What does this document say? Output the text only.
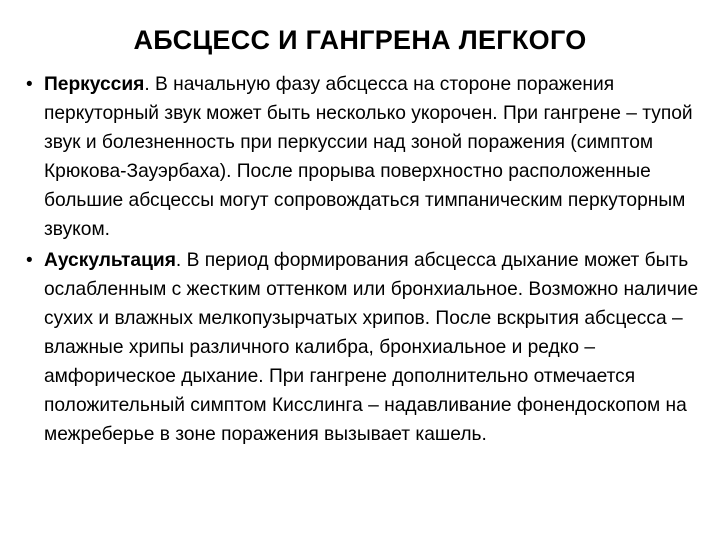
АБСЦЕСС И ГАНГРЕНА ЛЕГКОГО
• Перкуссия. В начальную фазу абсцесса на стороне поражения перкуторный звук может быть несколько укорочен. При гангрене – тупой звук и болезненность при перкуссии над зоной поражения (симптом Крюкова-Зауэрбаха). После прорыва поверхностно расположенные большие абсцессы могут сопровождаться тимпаническим перкуторным звуком.
• Аускультация. В период формирования абсцесса дыхание может быть ослабленным с жестким оттенком или бронхиальное. Возможно наличие сухих и влажных мелкопузырчатых хрипов. После вскрытия абсцесса – влажные хрипы различного калибра, бронхиальное и редко – амфорическое дыхание. При гангрене дополнительно отмечается положительный симптом Кисслинга – надавливание фонендоскопом на межреберье в зоне поражения вызывает кашель.
